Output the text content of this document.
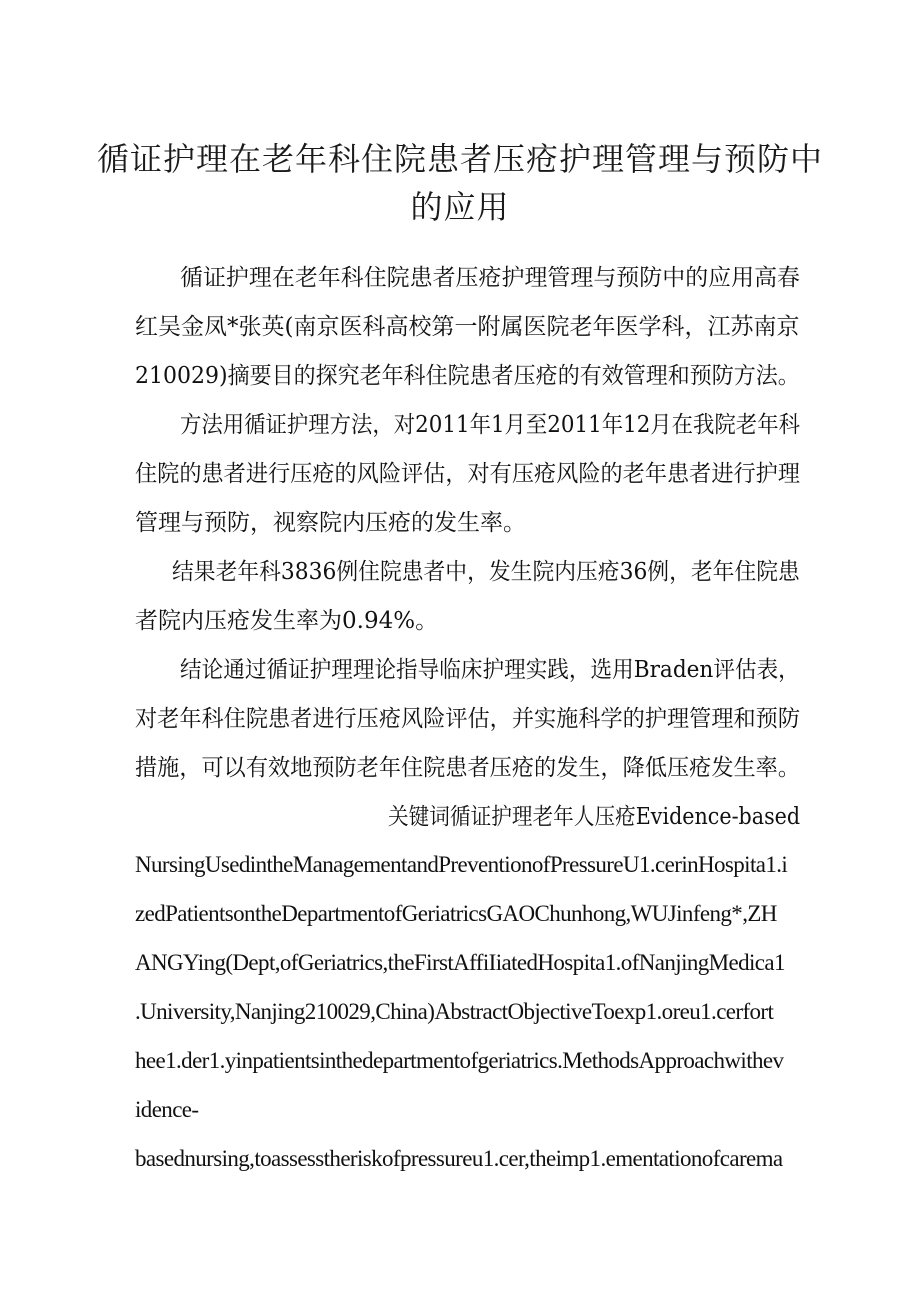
循证护理在老年科住院患者压疮护理管理与预防中
的应用
循证护理在老年科住院患者压疮护理管理与预防中的应用高春
红吴金凤*张英(南京医科高校第一附属医院老年医学科，江苏南京
210029)摘要目的探究老年科住院患者压疮的有效管理和预防方法。
方法用循证护理方法，对2011年1月至2011年12月在我院老年科
住院的患者进行压疮的风险评估，对有压疮风险的老年患者进行护理
管理与预防，视察院内压疮的发生率。
结果老年科3836例住院患者中，发生院内压疮36例，老年住院患
者院内压疮发生率为0.94%。
结论通过循证护理理论指导临床护理实践，选用Braden评估表，
对老年科住院患者进行压疮风险评估，并实施科学的护理管理和预防
措施，可以有效地预防老年住院患者压疮的发生，降低压疮发生率。
关键词循证护理老年人压疮Evidence-based
NursingUsedintheManagementandPreventionofPressureU1.cerinHospita1.i
zedPatientsontheDepartmentofGeriatricsGAOChunhong,WUJinfeng*,ZH
ANGYing(Dept,ofGeriatrics,theFirstAffiIiatedHospita1.ofNanjingMedica1
.University,Nanjing210029,China)AbstractObjectiveToexp1.oreu1.cerfort
hee1.der1.yinpatientsinthedepartmentofgeriatrics.MethodsApproachwithev
idence-
basednursing,toassesstheriskofpressureu1.cer,theimp1.ementationofcarema
